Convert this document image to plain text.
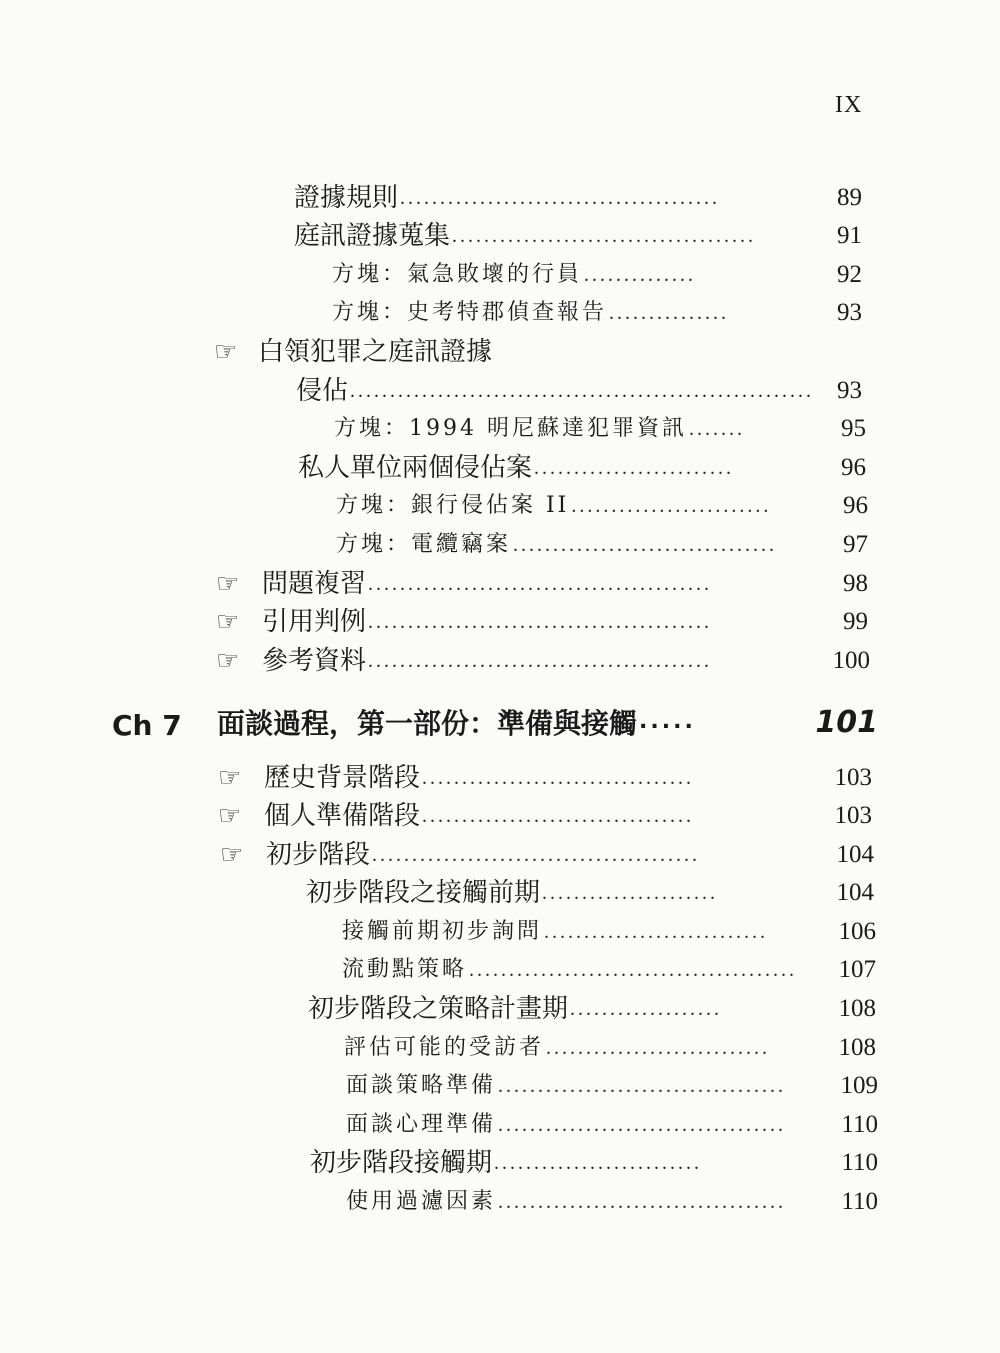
IX
證據規則 ........................................	89
庭訊證據蒐集 ......................................	91
方塊：氣急敗壞的行員 ..............	92
方塊：史考特郡偵查報告 ...............	93
☞ 白領犯罪之庭訊證據
侵佔 .......................................................... 93
方塊：1994 明尼蘇達犯罪資訊 .......	95
私人單位兩個侵佔案 .........................	96
方塊：銀行侵佔案 II .........................	96
方塊：電纜竊案 .................................	97
☞ 問題複習 ...........................................	98
☞ 引用判例 ...........................................	99
☞ 參考資料 ...........................................	100
Ch 7	面談過程，第一部份：準備與接觸 .....	101
☞ 歷史背景階段 ..................................	103
☞ 個人準備階段 ..................................	103
☞ 初步階段 .........................................	104
初步階段之接觸前期 ......................	104
接觸前期初步詢問 ............................	106
流動點策略 .........................................	107
初步階段之策略計畫期 ...................	108
評估可能的受訪者 ............................	108
面談策略準備 ....................................	109
面談心理準備 ....................................	110
初步階段接觸期 ..........................	110
使用過濾因素 ....................................	110
